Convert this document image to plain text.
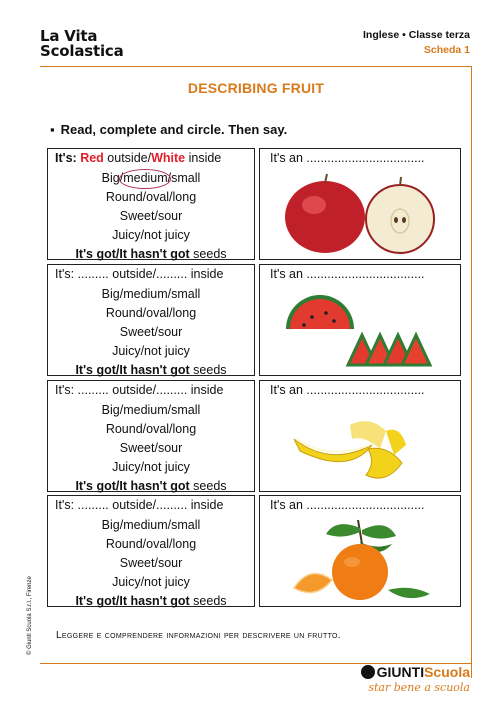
La Vita
Scolastica
Inglese • Classe terza
Scheda 1
DESCRIBING FRUIT
▪ Read, complete and circle. Then say.
It's: Red outside/White inside
Big/medium/small
Round/oval/long
Sweet/sour
Juicy/not juicy
It's got/It hasn't got seeds
It's an ..................................
It's: ......... outside/......... inside
Big/medium/small
Round/oval/long
Sweet/sour
Juicy/not juicy
It's got/It hasn't got seeds
It's an ..................................
It's: ......... outside/......... inside
Big/medium/small
Round/oval/long
Sweet/sour
Juicy/not juicy
It's got/It hasn't got seeds
It's an ..................................
It's: ......... outside/......... inside
Big/medium/small
Round/oval/long
Sweet/sour
Juicy/not juicy
It's got/It hasn't got seeds
It's an ..................................
Leggere e comprendere informazioni per descrivere un frutto.
© Giunti Scuola S.r.l., Firenze
GIUNTIScuola
star bene a scuola
